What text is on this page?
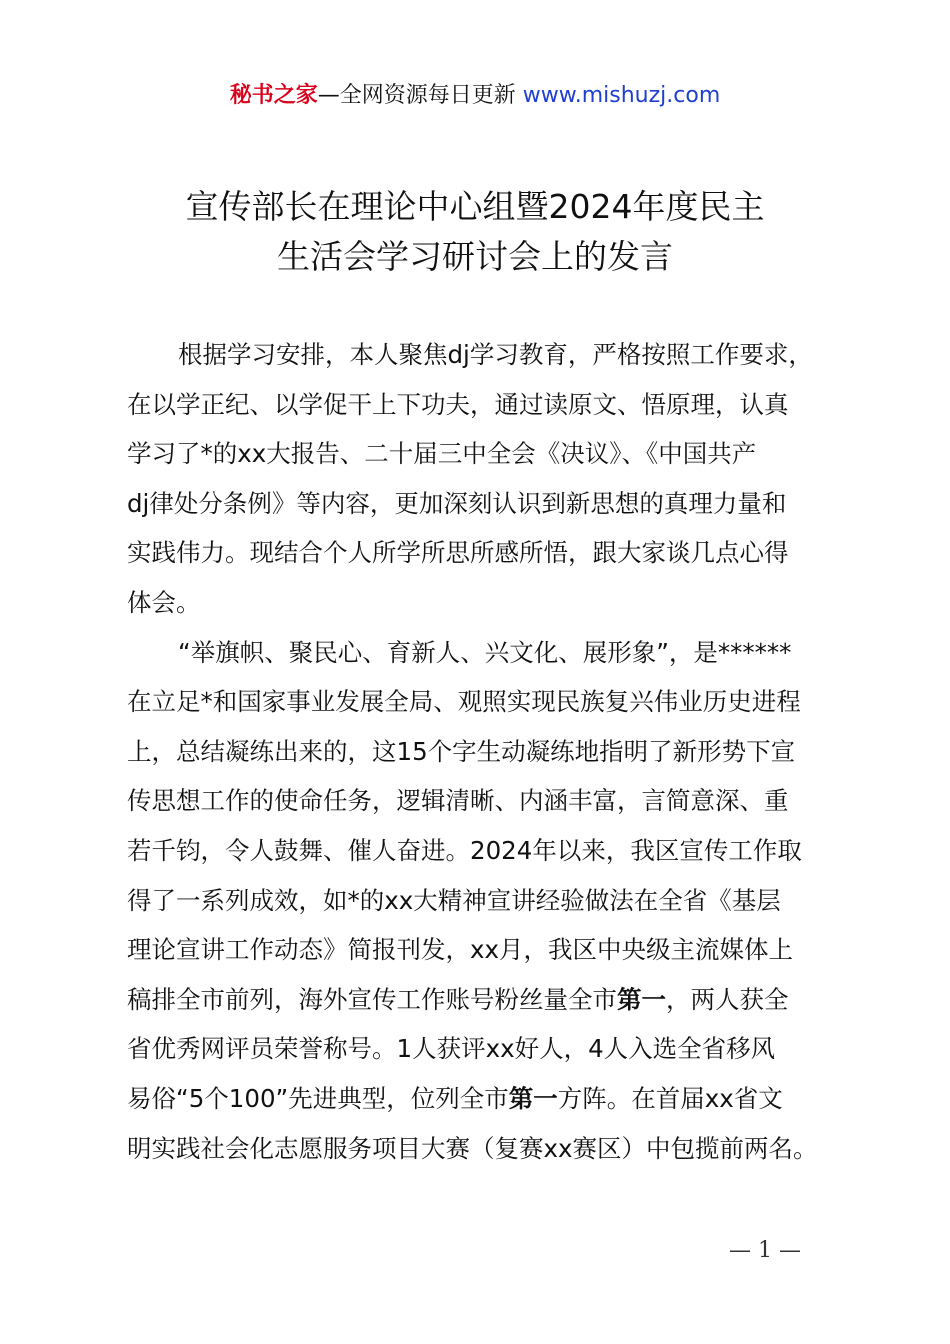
秘书之家—全网资源每日更新 www.mishuzj.com
宣传部长在理论中心组暨2024年度民主
生活会学习研讨会上的发言
根据学习安排，本人聚焦dj学习教育，严格按照工作要求，
在以学正纪、以学促干上下功夫，通过读原文、悟原理，认真
学习了*的xx大报告、二十届三中全会《决议》、《中国共产
dj律处分条例》等内容，更加深刻认识到新思想的真理力量和
实践伟力。现结合个人所学所思所感所悟，跟大家谈几点心得
体会。
“举旗帜、聚民心、育新人、兴文化、展形象”，是******
在立足*和国家事业发展全局、观照实现民族复兴伟业历史进程
上，总结凝练出来的，这15个字生动凝练地指明了新形势下宣
传思想工作的使命任务，逻辑清晰、内涵丰富，言简意深、重
若千钧，令人鼓舞、催人奋进。2024年以来，我区宣传工作取
得了一系列成效，如*的xx大精神宣讲经验做法在全省《基层
理论宣讲工作动态》简报刊发，xx月，我区中央级主流媒体上
稿排全市前列，海外宣传工作账号粉丝量全市第一，两人获全
省优秀网评员荣誉称号。1人获评xx好人，4人入选全省移风
易俗“5个100”先进典型，位列全市第一方阵。在首届xx省文
明实践社会化志愿服务项目大赛（复赛xx赛区）中包揽前两名。
— 1 —
